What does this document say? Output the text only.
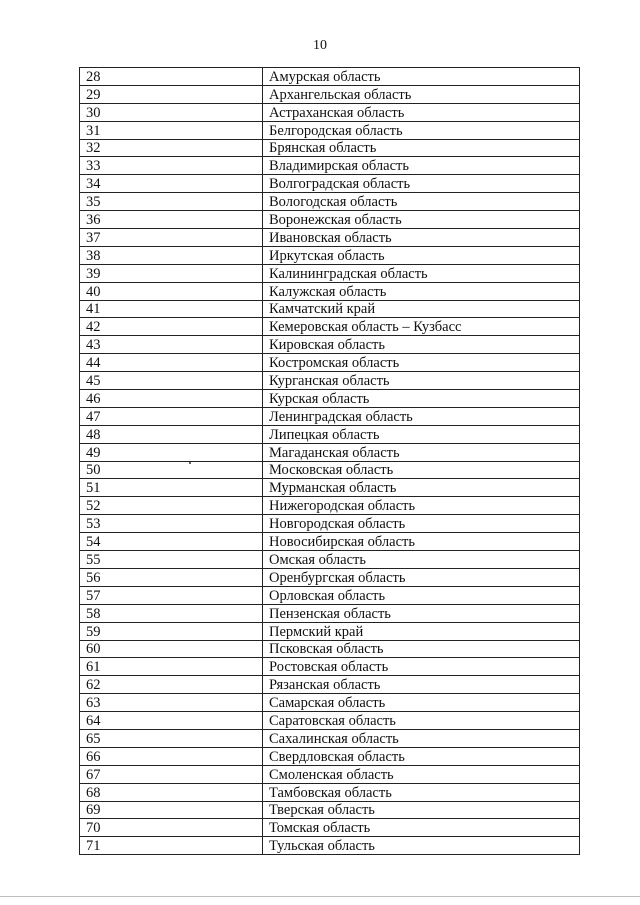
10
28	Амурская область
29	Архангельская область
30	Астраханская область
31	Белгородская область
32	Брянская область
33	Владимирская область
34	Волгоградская область
35	Вологодская область
36	Воронежская область
37	Ивановская область
38	Иркутская область
39	Калининградская область
40	Калужская область
41	Камчатский край
42	Кемеровская область – Кузбасс
43	Кировская область
44	Костромская область
45	Курганская область
46	Курская область
47	Ленинградская область
48	Липецкая область
49	Магаданская область
50	Московская область
51	Мурманская область
52	Нижегородская область
53	Новгородская область
54	Новосибирская область
55	Омская область
56	Оренбургская область
57	Орловская область
58	Пензенская область
59	Пермский край
60	Псковская область
61	Ростовская область
62	Рязанская область
63	Самарская область
64	Саратовская область
65	Сахалинская область
66	Свердловская область
67	Смоленская область
68	Тамбовская область
69	Тверская область
70	Томская область
71	Тульская область
